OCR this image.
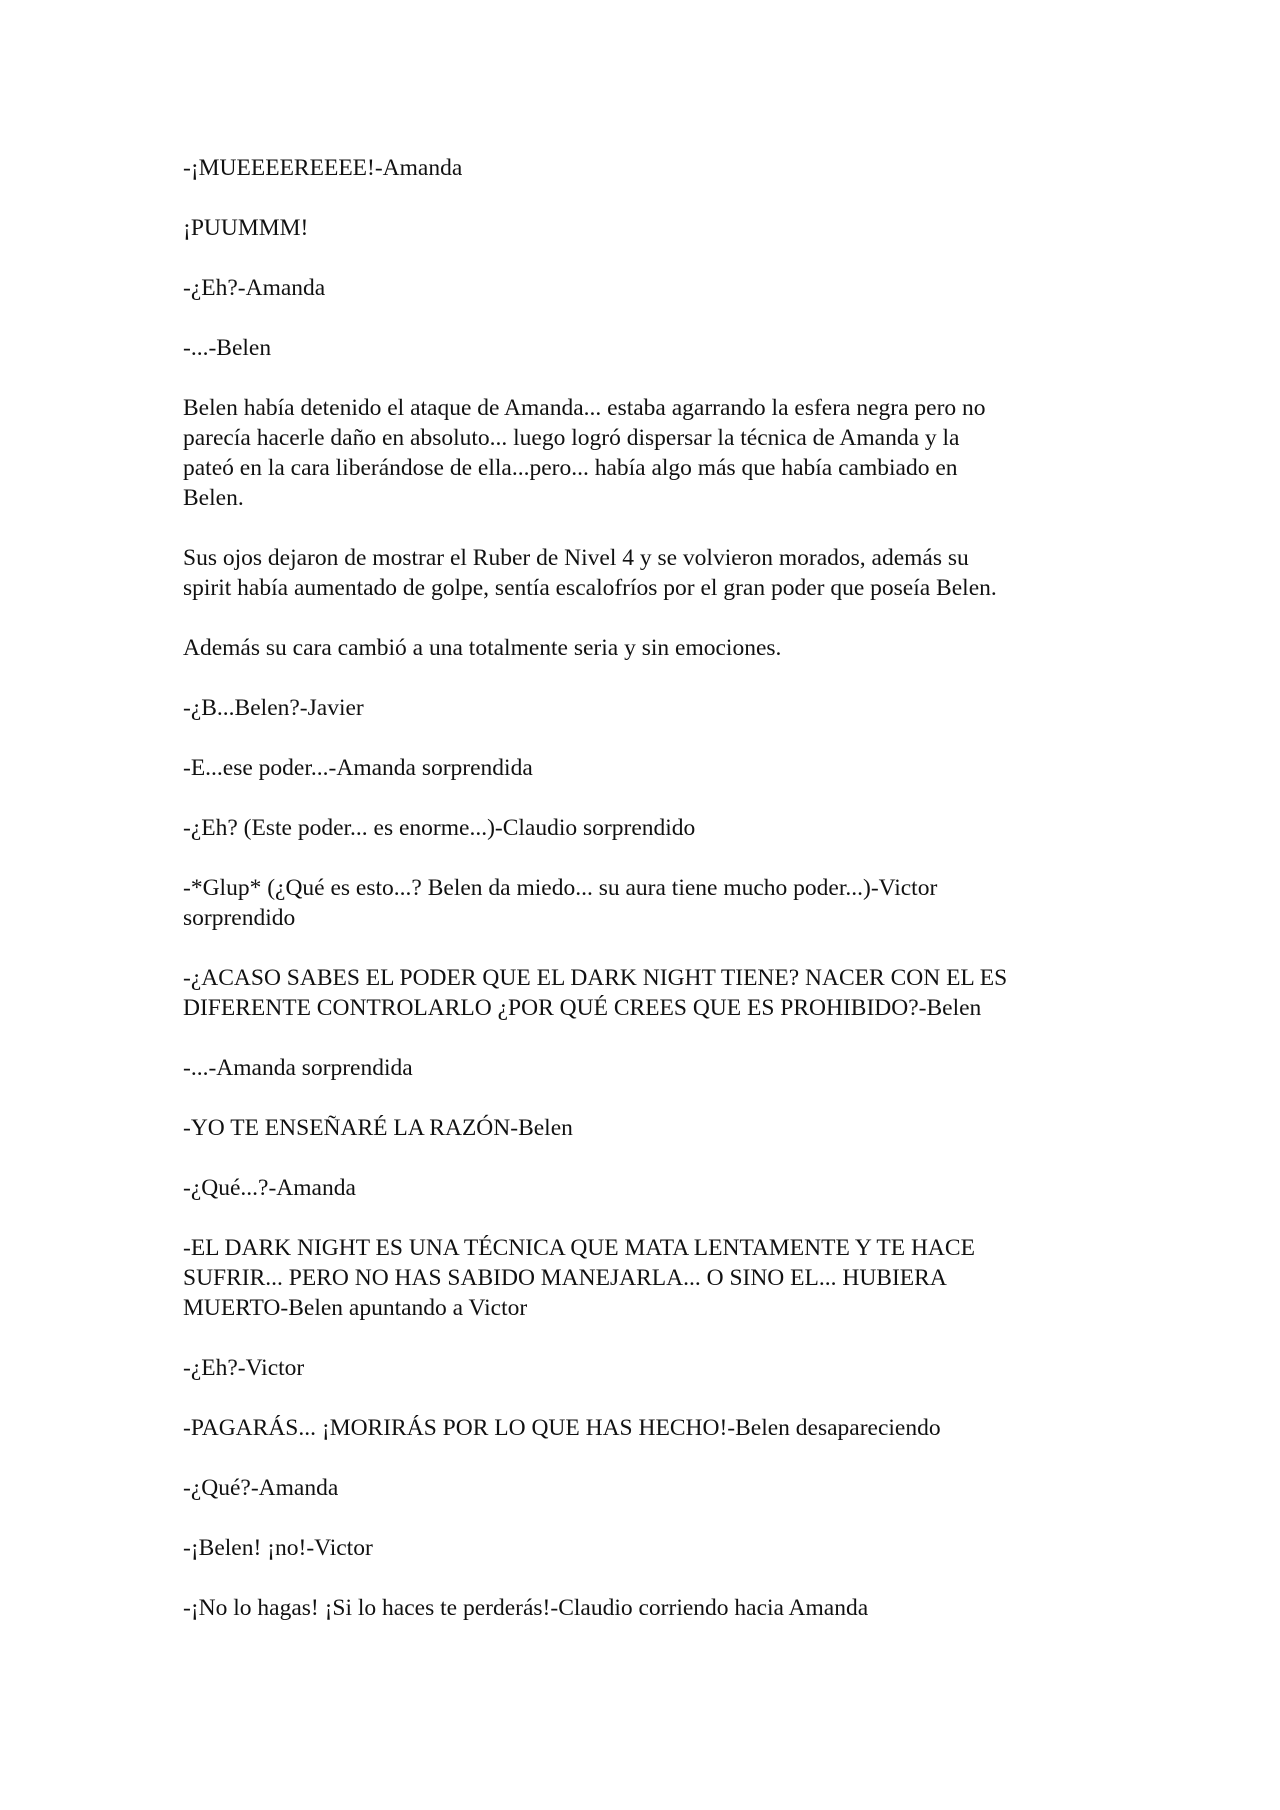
-¡MUEEEEREEEE!-Amanda

¡PUUMMM!

-¿Eh?-Amanda

-...-Belen

Belen había detenido el ataque de Amanda... estaba agarrando la esfera negra pero no
parecía hacerle daño en absoluto... luego logró dispersar la técnica de Amanda y la
pateó en la cara liberándose de ella...pero... había algo más que había cambiado en
Belen.

Sus ojos dejaron de mostrar el Ruber de Nivel 4 y se volvieron morados, además su
spirit había aumentado de golpe, sentía escalofríos por el gran poder que poseía Belen.

Además su cara cambió a una totalmente seria y sin emociones.

-¿B...Belen?-Javier

-E...ese poder...-Amanda sorprendida

-¿Eh? (Este poder... es enorme...)-Claudio sorprendido

-*Glup* (¿Qué es esto...? Belen da miedo... su aura tiene mucho poder...)-Victor
sorprendido

-¿ACASO SABES EL PODER QUE EL DARK NIGHT TIENE? NACER CON EL ES
DIFERENTE CONTROLARLO ¿POR QUÉ CREES QUE ES PROHIBIDO?-Belen

-...-Amanda sorprendida

-YO TE ENSEÑARÉ LA RAZÓN-Belen

-¿Qué...?-Amanda

-EL DARK NIGHT ES UNA TÉCNICA QUE MATA LENTAMENTE Y TE HACE
SUFRIR... PERO NO HAS SABIDO MANEJARLA... O SINO EL... HUBIERA
MUERTO-Belen apuntando a Victor

-¿Eh?-Victor

-PAGARÁS... ¡MORIRÁS POR LO QUE HAS HECHO!-Belen desapareciendo

-¿Qué?-Amanda

-¡Belen! ¡no!-Victor

-¡No lo hagas! ¡Si lo haces te perderás!-Claudio corriendo hacia Amanda
